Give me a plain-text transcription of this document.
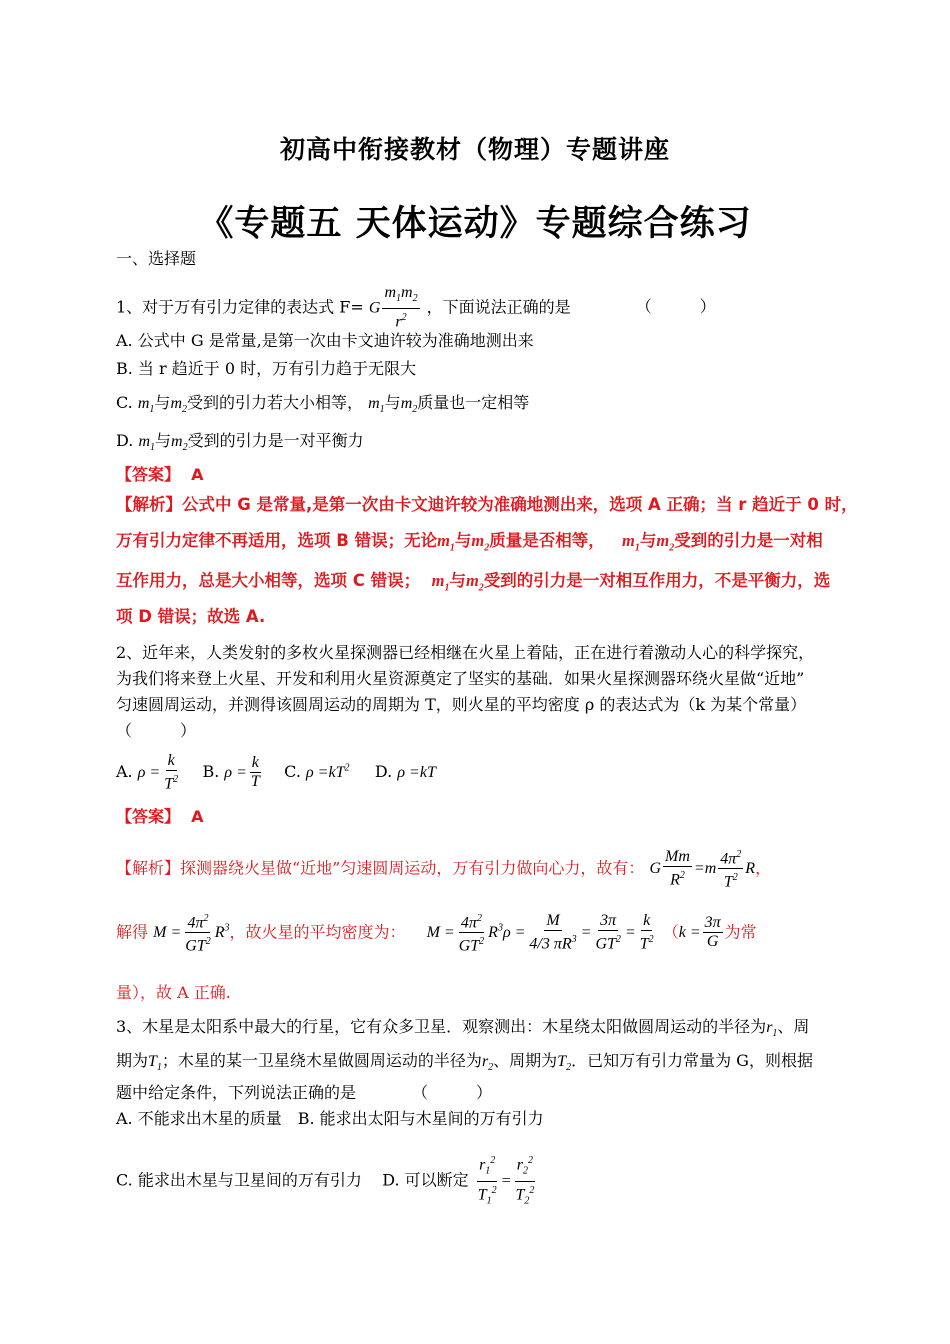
初高中衔接教材（物理）专题讲座
《专题五 天体运动》专题综合练习
一、选择题
1、对于万有引力定律的表达式 F= G $\frac{m_1m_2}{r^2}$ ，下面说法正确的是	（　　　）
A. 公式中 G 是常量,是第一次由卡文迪许较为准确地测出来
B. 当 r 趋近于 0 时，万有引力趋于无限大
C. $m_1$与$m_2$受到的引力若大小相等， $m_1$与$m_2$质量也一定相等
D. $m_1$与$m_2$受到的引力是一对平衡力
【答案】 A
【解析】公式中 G 是常量,是第一次由卡文迪许较为准确地测出来，选项 A 正确；当 r 趋近于 0 时，
万有引力定律不再适用，选项 B 错误；无论$m_1$与$m_2$质量是否相等， $m_1$与$m_2$受到的引力是一对相
互作用力，总是大小相等，选项 C 错误； $m_1$与$m_2$受到的引力是一对相互作用力，不是平衡力，选
项 D 错误；故选 A.
2、近年来，人类发射的多枚火星探测器已经相继在火星上着陆，正在进行着激动人心的科学探究，
为我们将来登上火星、开发和利用火星资源奠定了坚实的基础．如果火星探测器环绕火星做“近地”
匀速圆周运动，并测得该圆周运动的周期为 T，则火星的平均密度 ρ 的表达式为（k 为某个常量）
（　　　）
A. $\rho = \frac{k}{T^2} B$. $\rho = \frac{k}{T} C$. $\rho =kT^2$ D. ρ =kT
【答案】 A
【解析】探测器绕火星做“近地”匀速圆周运动，万有引力做向心力，故有： G $\frac{Mm}{R^2} =m \frac{4\pi^2}{T^2}$ R，
解得 $M = \frac{4\pi^2}{GT^2} R^3$，故火星的平均密度为： $M = \frac{4\pi^2}{GT^2} R^3\rho = \frac{M}{4/3 \pi R^3} = \frac{3\pi}{GT^2} = \frac{k}{T^2} (k = \frac{3\pi}{G}$ 为常
量），故 A 正确.
3、木星是太阳系中最大的行星，它有众多卫星．观察测出：木星绕太阳做圆周运动的半径为$r_1$、周
期为$T_1$；木星的某一卫星绕木星做圆周运动的半径为$r_2$、周期为$T_2$．已知万有引力常量为 G，则根据
题中给定条件，下列说法正确的是	（　　　）
A. 不能求出木星的质量　B. 能求出太阳与木星间的万有引力
C. 能求出木星与卫星间的万有引力 D. 可以断定 $\frac{r_1^2}{T_1^2} = \frac{r_2^2}{T_2^2}$
